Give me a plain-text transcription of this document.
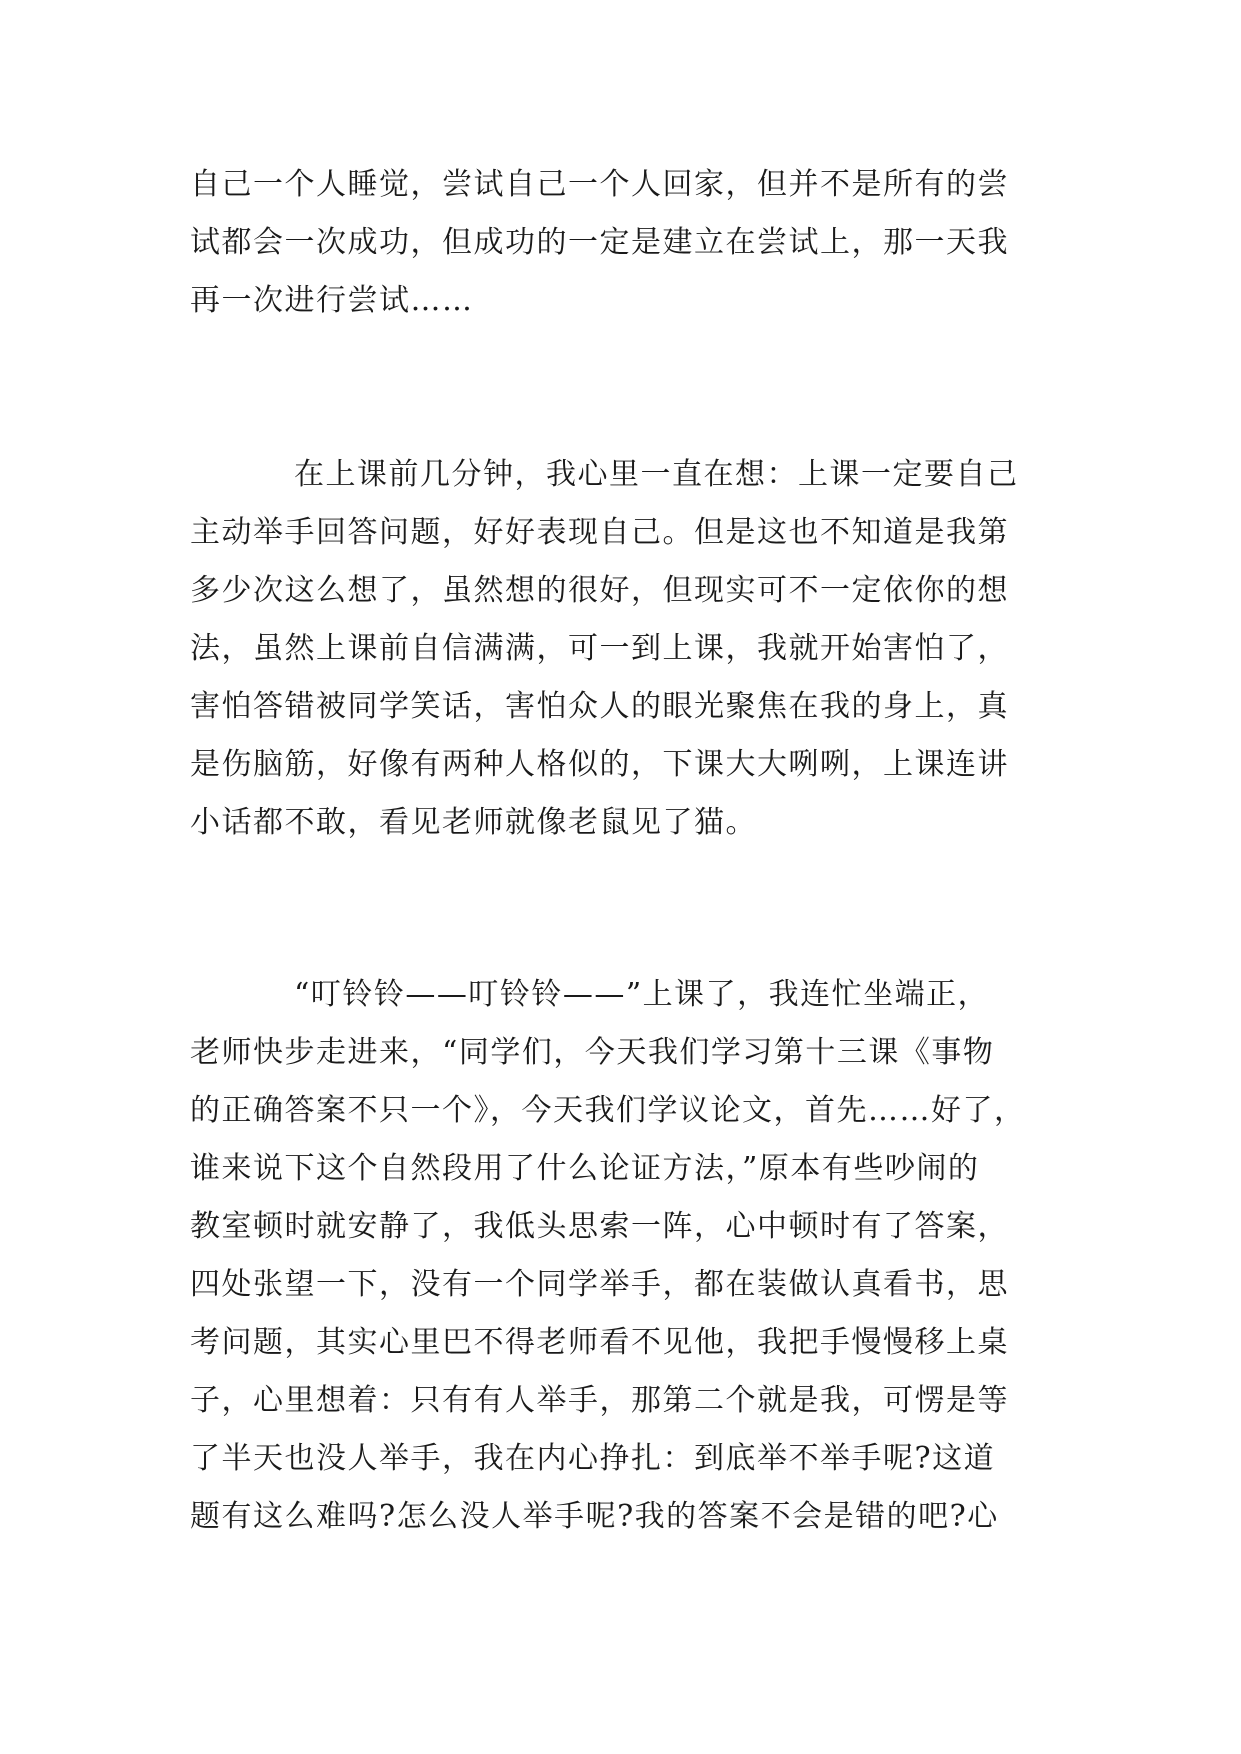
自己一个人睡觉，尝试自己一个人回家，但并不是所有的尝
试都会一次成功，但成功的一定是建立在尝试上，那一天我
再一次进行尝试……
在上课前几分钟，我心里一直在想：上课一定要自己
主动举手回答问题，好好表现自己。但是这也不知道是我第
多少次这么想了，虽然想的很好，但现实可不一定依你的想
法，虽然上课前自信满满，可一到上课，我就开始害怕了，
害怕答错被同学笑话，害怕众人的眼光聚焦在我的身上，真
是伤脑筋，好像有两种人格似的，下课大大咧咧，上课连讲
小话都不敢，看见老师就像老鼠见了猫。
“叮铃铃——叮铃铃——”上课了，我连忙坐端正，
老师快步走进来，“同学们，今天我们学习第十三课《事物
的正确答案不只一个》，今天我们学议论文，首先……好了，
谁来说下这个自然段用了什么论证方法，”原本有些吵闹的
教室顿时就安静了，我低头思索一阵，心中顿时有了答案，
四处张望一下，没有一个同学举手，都在装做认真看书，思
考问题，其实心里巴不得老师看不见他，我把手慢慢移上桌
子，心里想着：只有有人举手，那第二个就是我，可愣是等
了半天也没人举手，我在内心挣扎：到底举不举手呢?这道
题有这么难吗?怎么没人举手呢?我的答案不会是错的吧?心
